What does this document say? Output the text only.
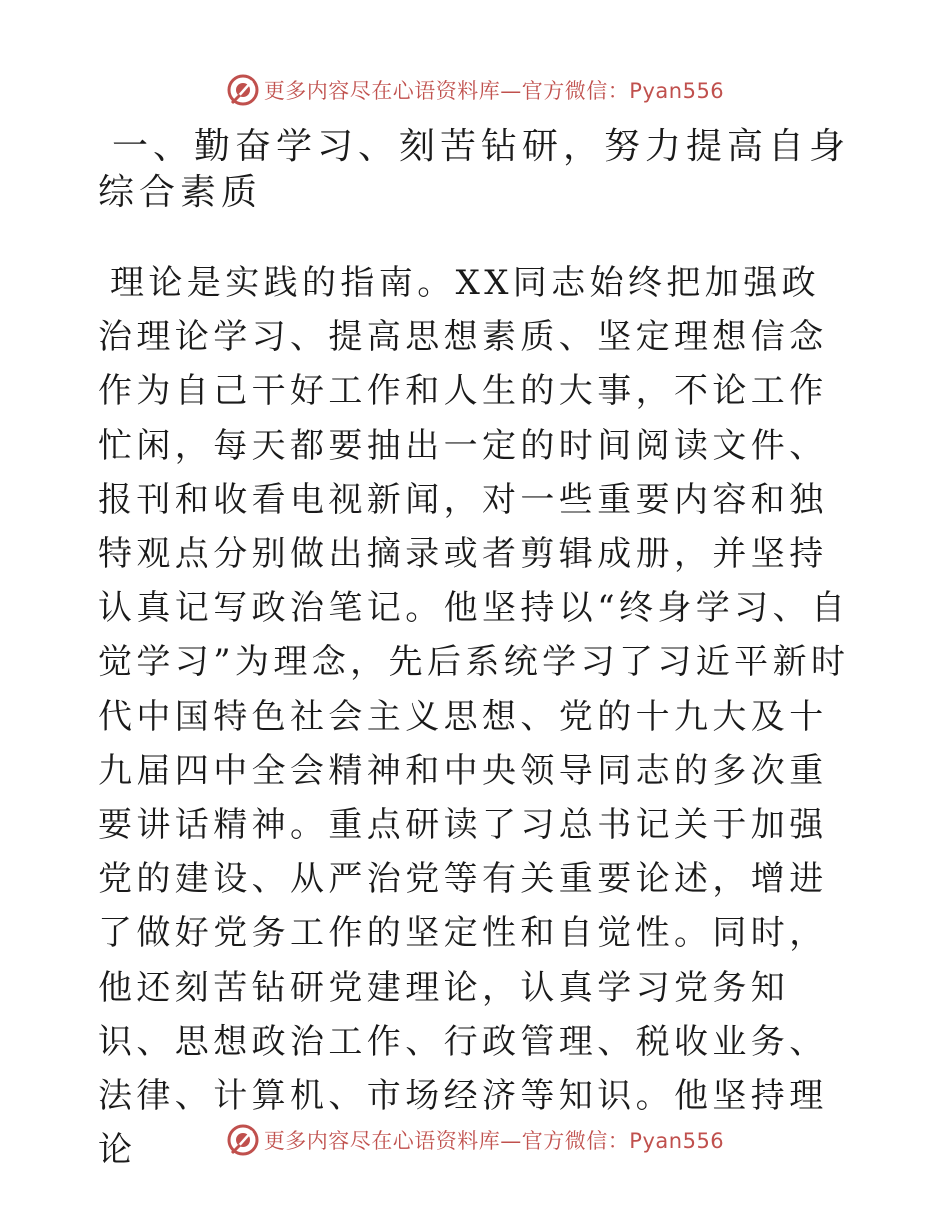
更多内容尽在心语资料库—官方微信：Pyan556
一、勤奋学习、刻苦钻研，努力提高自身综合素质

理论是实践的指南。XX同志始终把加强政治理论学习、提高思想素质、坚定理想信念作为自己干好工作和人生的大事，不论工作忙闲，每天都要抽出一定的时间阅读文件、报刊和收看电视新闻，对一些重要内容和独特观点分别做出摘录或者剪辑成册，并坚持认真记写政治笔记。他坚持以“终身学习、自觉学习”为理念，先后系统学习了习近平新时代中国特色社会主义思想、党的十九大及十九届四中全会精神和中央领导同志的多次重要讲话精神。重点研读了习总书记关于加强党的建设、从严治党等有关重要论述，增进了做好党务工作的坚定性和自觉性。同时，他还刻苦钻研党建理论，认真学习党务知识、思想政治工作、行政管理、税收业务、法律、计算机、市场经济等知识。他坚持理论	更多内容尽在心语资料库—官方微信：Pyan556
